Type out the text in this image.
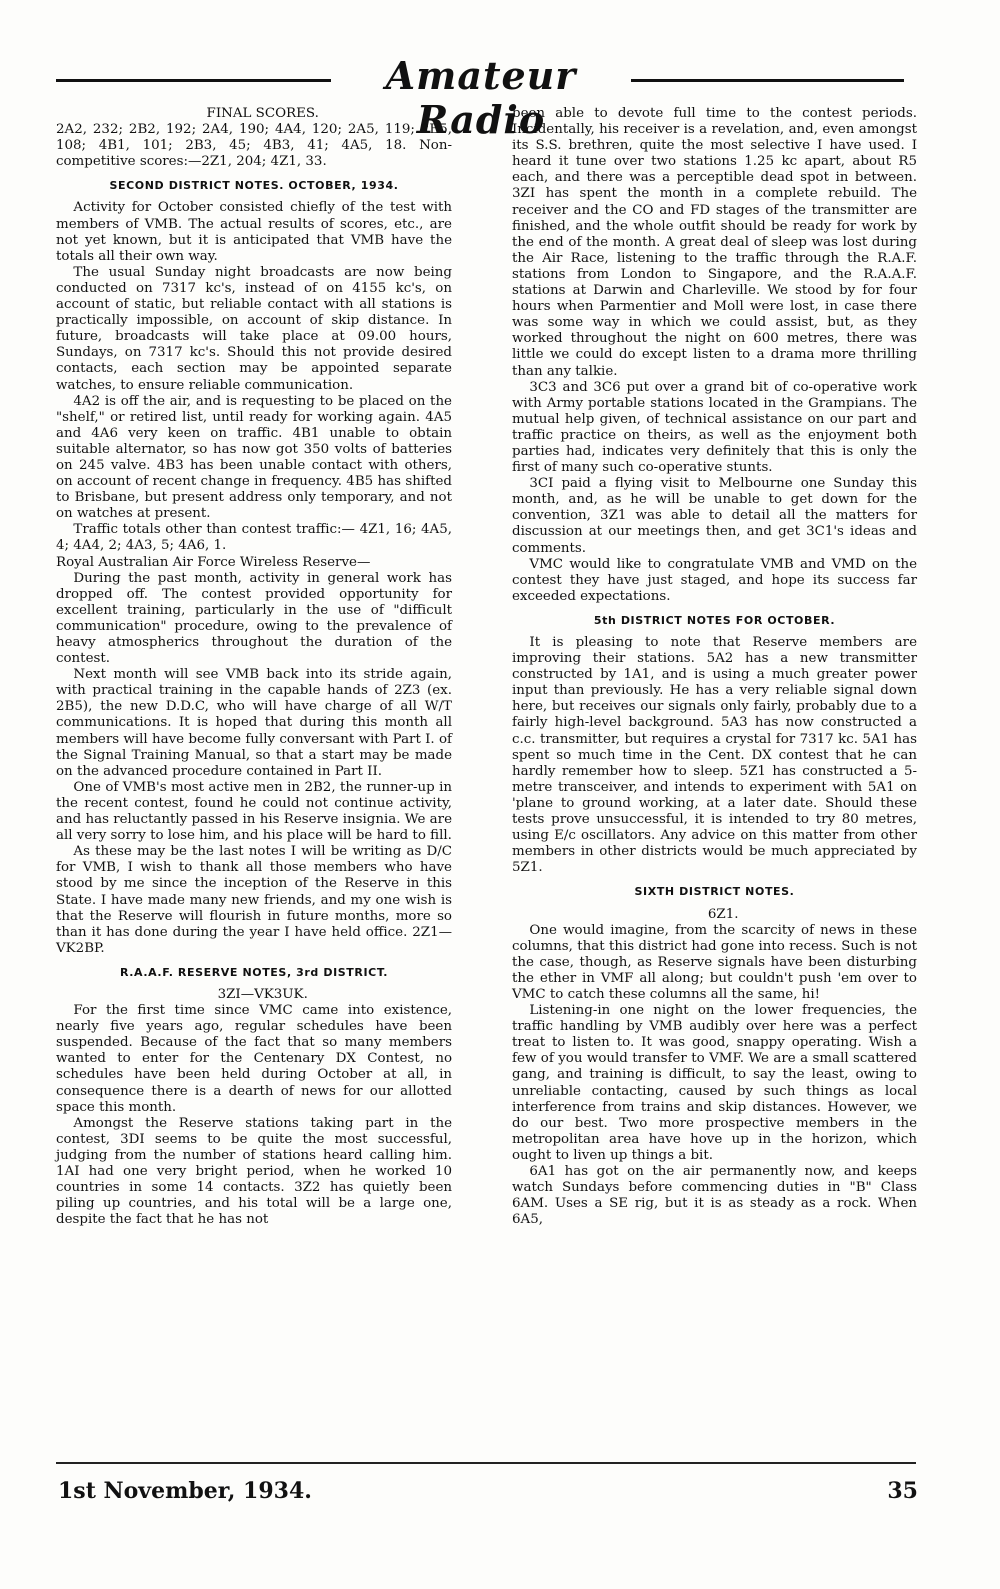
Amateur Radio

FINAL SCORES.

2A2, 232; 2B2, 192; 2A4, 190; 4A4, 120; 2A5, 119; 2B5, 108; 4B1, 101; 2B3, 45; 4B3, 41; 4A5, 18. Non-competitive scores:—2Z1, 204; 4Z1, 33.

SECOND DISTRICT NOTES. OCTOBER, 1934.

Activity for October consisted chiefly of the test with members of VMB. The actual results of scores, etc., are not yet known, but it is anticipated that VMB have the totals all their own way.

The usual Sunday night broadcasts are now being conducted on 7317 kc's, instead of on 4155 kc's, on account of static, but reliable contact with all stations is practically impossible, on account of skip distance. In future, broadcasts will take place at 09.00 hours, Sundays, on 7317 kc's. Should this not provide desired contacts, each section may be appointed separate watches, to ensure reliable communication.

4A2 is off the air, and is requesting to be placed on the "shelf," or retired list, until ready for working again. 4A5 and 4A6 very keen on traffic. 4B1 unable to obtain suitable alternator, so has now got 350 volts of batteries on 245 valve. 4B3 has been unable contact with others, on account of recent change in frequency. 4B5 has shifted to Brisbane, but present address only temporary, and not on watches at present.

Traffic totals other than contest traffic:— 4Z1, 16; 4A5, 4; 4A4, 2; 4A3, 5; 4A6, 1.

Royal Australian Air Force Wireless Reserve—

During the past month, activity in general work has dropped off. The contest provided opportunity for excellent training, particularly in the use of "difficult communication" procedure, owing to the prevalence of heavy atmospherics throughout the duration of the contest.

Next month will see VMB back into its stride again, with practical training in the capable hands of 2Z3 (ex. 2B5), the new D.D.C, who will have charge of all W/T communications. It is hoped that during this month all members will have become fully conversant with Part I. of the Signal Training Manual, so that a start may be made on the advanced procedure contained in Part II.

One of VMB's most active men in 2B2, the runner-up in the recent contest, found he could not continue activity, and has reluctantly passed in his Reserve insignia. We are all very sorry to lose him, and his place will be hard to fill.

As these may be the last notes I will be writing as D/C for VMB, I wish to thank all those members who have stood by me since the inception of the Reserve in this State. I have made many new friends, and my one wish is that the Reserve will flourish in future months, more so than it has done during the year I have held office. 2Z1—VK2BP.

R.A.A.F. RESERVE NOTES, 3rd DISTRICT.

3ZI—VK3UK.

For the first time since VMC came into existence, nearly five years ago, regular schedules have been suspended. Because of the fact that so many members wanted to enter for the Centenary DX Contest, no schedules have been held during October at all, in consequence there is a dearth of news for our allotted space this month.

Amongst the Reserve stations taking part in the contest, 3DI seems to be quite the most successful, judging from the number of stations heard calling him. 1AI had one very bright period, when he worked 10 countries in some 14 contacts. 3Z2 has quietly been piling up countries, and his total will be a large one, despite the fact that he has not

been able to devote full time to the contest periods. Incidentally, his receiver is a revelation, and, even amongst its S.S. brethren, quite the most selective I have used. I heard it tune over two stations 1.25 kc apart, about R5 each, and there was a perceptible dead spot in between. 3ZI has spent the month in a complete rebuild. The receiver and the CO and FD stages of the transmitter are finished, and the whole outfit should be ready for work by the end of the month. A great deal of sleep was lost during the Air Race, listening to the traffic through the R.A.F. stations from London to Singapore, and the R.A.A.F. stations at Darwin and Charleville. We stood by for four hours when Parmentier and Moll were lost, in case there was some way in which we could assist, but, as they worked throughout the night on 600 metres, there was little we could do except listen to a drama more thrilling than any talkie.

3C3 and 3C6 put over a grand bit of co-operative work with Army portable stations located in the Grampians. The mutual help given, of technical assistance on our part and traffic practice on theirs, as well as the enjoyment both parties had, indicates very definitely that this is only the first of many such co-operative stunts.

3CI paid a flying visit to Melbourne one Sunday this month, and, as he will be unable to get down for the convention, 3Z1 was able to detail all the matters for discussion at our meetings then, and get 3C1's ideas and comments.

VMC would like to congratulate VMB and VMD on the contest they have just staged, and hope its success far exceeded expectations.

5th DISTRICT NOTES FOR OCTOBER.

It is pleasing to note that Reserve members are improving their stations. 5A2 has a new transmitter constructed by 1A1, and is using a much greater power input than previously. He has a very reliable signal down here, but receives our signals only fairly, probably due to a fairly high-level background. 5A3 has now constructed a c.c. transmitter, but requires a crystal for 7317 kc. 5A1 has spent so much time in the Cent. DX contest that he can hardly remember how to sleep. 5Z1 has constructed a 5-metre transceiver, and intends to experiment with 5A1 on 'plane to ground working, at a later date. Should these tests prove unsuccessful, it is intended to try 80 metres, using E/c oscillators. Any advice on this matter from other members in other districts would be much appreciated by 5Z1.

SIXTH DISTRICT NOTES.

6Z1.

One would imagine, from the scarcity of news in these columns, that this district had gone into recess. Such is not the case, though, as Reserve signals have been disturbing the ether in VMF all along; but couldn't push 'em over to VMC to catch these columns all the same, hi!

Listening-in one night on the lower frequencies, the traffic handling by VMB audibly over here was a perfect treat to listen to. It was good, snappy operating. Wish a few of you would transfer to VMF. We are a small scattered gang, and training is difficult, to say the least, owing to unreliable contacting, caused by such things as local interference from trains and skip distances. However, we do our best. Two more prospective members in the metropolitan area have hove up in the horizon, which ought to liven up things a bit.

6A1 has got on the air permanently now, and keeps watch Sundays before commencing duties in "B" Class 6AM. Uses a SE rig, but it is as steady as a rock. When 6A5,

1st November, 1934.	35
